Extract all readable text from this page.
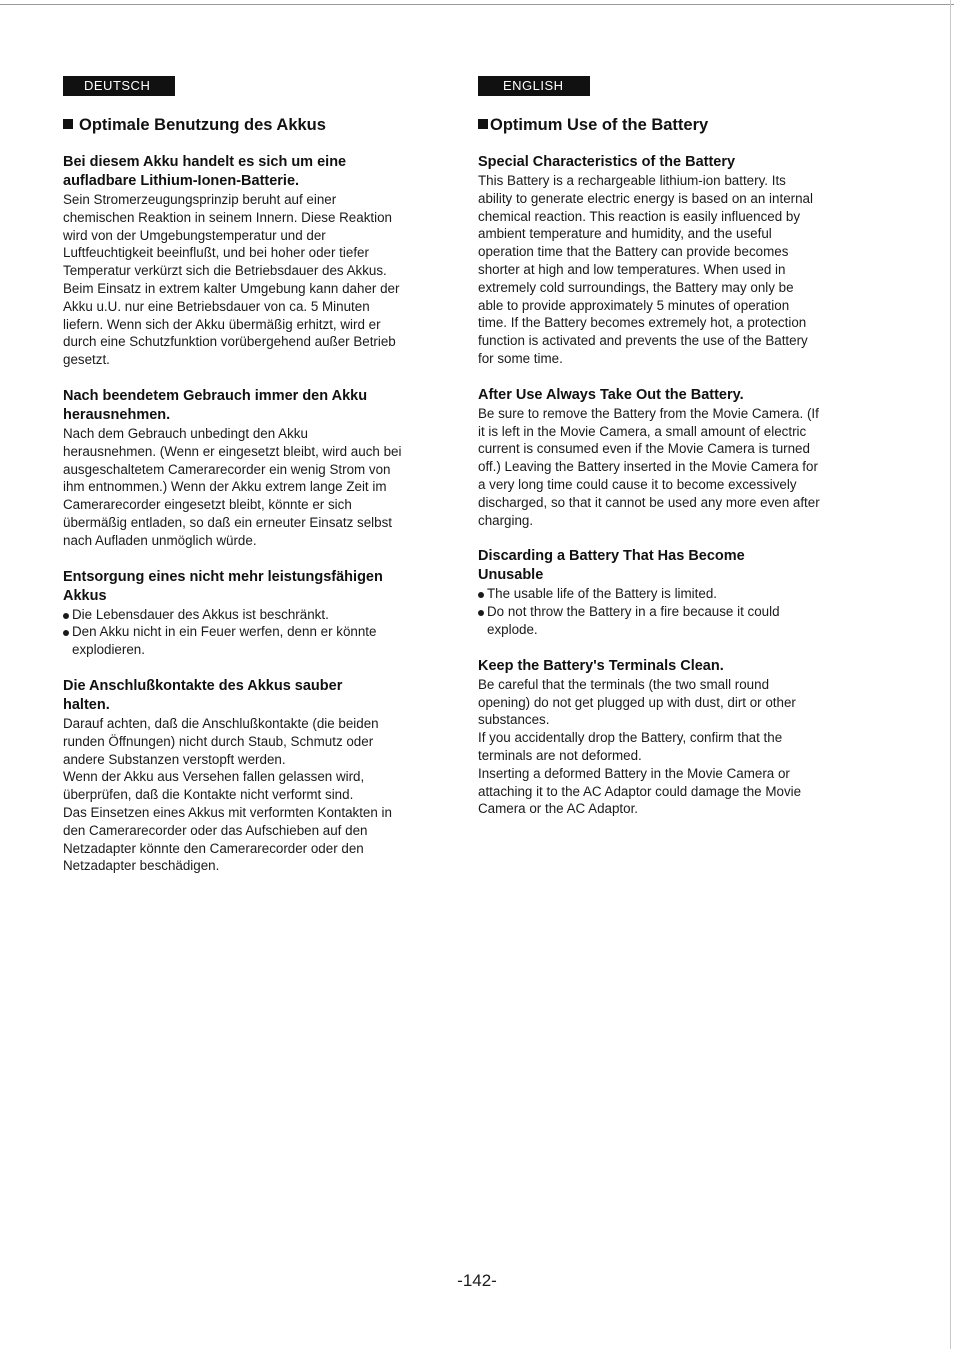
DEUTSCH
Optimale Benutzung des Akkus
Bei diesem Akku handelt es sich um eine
aufladbare Lithium-Ionen-Batterie.

Sein Stromerzeugungsprinzip beruht auf einer
chemischen Reaktion in seinem Innern. Diese Reaktion
wird von der Umgebungstemperatur und der
Luftfeuchtigkeit beeinflußt, und bei hoher oder tiefer
Temperatur verkürzt sich die Betriebsdauer des Akkus.
Beim Einsatz in extrem kalter Umgebung kann daher der
Akku u.U. nur eine Betriebsdauer von ca. 5 Minuten
liefern. Wenn sich der Akku übermäßig erhitzt, wird er
durch eine Schutzfunktion vorübergehend außer Betrieb
gesetzt.

Nach beendetem Gebrauch immer den Akku
herausnehmen.

Nach dem Gebrauch unbedingt den Akku
herausnehmen. (Wenn er eingesetzt bleibt, wird auch bei
ausgeschaltetem Camerarecorder ein wenig Strom von
ihm entnommen.) Wenn der Akku extrem lange Zeit im
Camerarecorder eingesetzt bleibt, könnte er sich
übermäßig entladen, so daß ein erneuter Einsatz selbst
nach Aufladen unmöglich würde.

Entsorgung eines nicht mehr leistungsfähigen
Akkus
Die Lebensdauer des Akkus ist beschränkt.
Den Akku nicht in ein Feuer werfen, denn er könnte
explodieren.
Die Anschlußkontakte des Akkus sauber
halten.

Darauf achten, daß die Anschlußkontakte (die beiden
runden Öffnungen) nicht durch Staub, Schmutz oder
andere Substanzen verstopft werden.
Wenn der Akku aus Versehen fallen gelassen wird,
überprüfen, daß die Kontakte nicht verformt sind.
Das Einsetzen eines Akkus mit verformten Kontakten in
den Camerarecorder oder das Aufschieben auf den
Netzadapter könnte den Camerarecorder oder den
Netzadapter beschädigen.

ENGLISH
Optimum Use of the Battery
Special Characteristics of the Battery

This Battery is a rechargeable lithium-ion battery. Its
ability to generate electric energy is based on an internal
chemical reaction. This reaction is easily influenced by
ambient temperature and humidity, and the useful
operation time that the Battery can provide becomes
shorter at high and low temperatures. When used in
extremely cold surroundings, the Battery may only be
able to provide approximately 5 minutes of operation
time. If the Battery becomes extremely hot, a protection
function is activated and prevents the use of the Battery
for some time.

After Use Always Take Out the Battery.

Be sure to remove the Battery from the Movie Camera. (If
it is left in the Movie Camera, a small amount of electric
current is consumed even if the Movie Camera is turned
off.) Leaving the Battery inserted in the Movie Camera for
a very long time could cause it to become excessively
discharged, so that it cannot be used any more even after
charging.

Discarding a Battery That Has Become
Unusable
The usable life of the Battery is limited.
Do not throw the Battery in a fire because it could
explode.
Keep the Battery's Terminals Clean.

Be careful that the terminals (the two small round
opening) do not get plugged up with dust, dirt or other
substances.
If you accidentally drop the Battery, confirm that the
terminals are not deformed.
Inserting a deformed Battery in the Movie Camera or
attaching it to the AC Adaptor could damage the Movie
Camera or the AC Adaptor.

-142-
